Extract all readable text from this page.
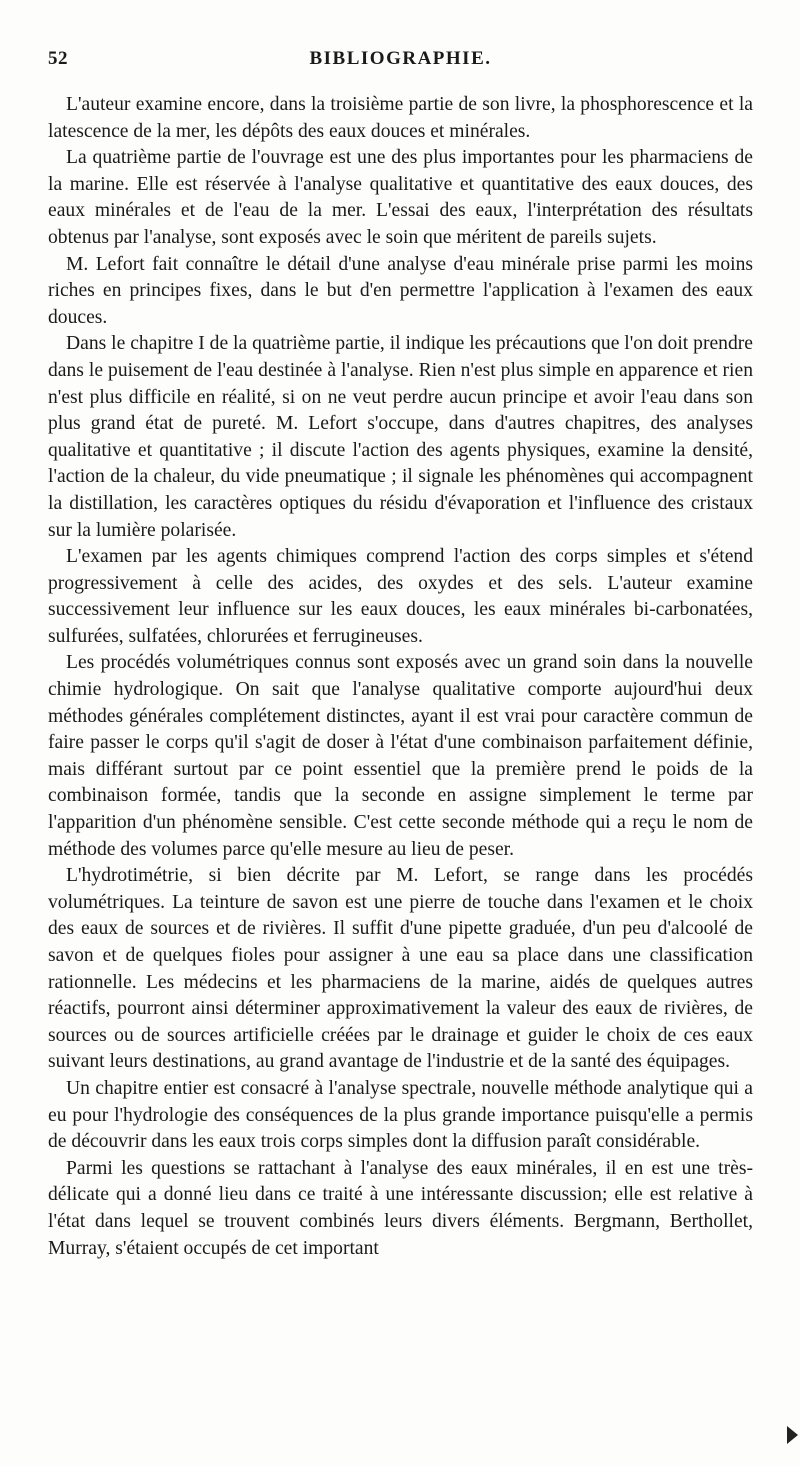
52	BIBLIOGRAPHIE.

L'auteur examine encore, dans la troisième partie de son livre, la phosphorescence et la latescence de la mer, les dépôts des eaux douces et minérales.

La quatrième partie de l'ouvrage est une des plus importantes pour les pharmaciens de la marine. Elle est réservée à l'analyse qualitative et quantitative des eaux douces, des eaux minérales et de l'eau de la mer. L'essai des eaux, l'interprétation des résultats obtenus par l'analyse, sont exposés avec le soin que méritent de pareils sujets.

M. Lefort fait connaître le détail d'une analyse d'eau minérale prise parmi les moins riches en principes fixes, dans le but d'en permettre l'application à l'examen des eaux douces.

Dans le chapitre I de la quatrième partie, il indique les précautions que l'on doit prendre dans le puisement de l'eau destinée à l'analyse. Rien n'est plus simple en apparence et rien n'est plus difficile en réalité, si on ne veut perdre aucun principe et avoir l'eau dans son plus grand état de pureté. M. Lefort s'occupe, dans d'autres chapitres, des analyses qualitative et quantitative ; il discute l'action des agents physiques, examine la densité, l'action de la chaleur, du vide pneumatique ; il signale les phénomènes qui accompagnent la distillation, les caractères optiques du résidu d'évaporation et l'influence des cristaux sur la lumière polarisée.

L'examen par les agents chimiques comprend l'action des corps simples et s'étend progressivement à celle des acides, des oxydes et des sels. L'auteur examine successivement leur influence sur les eaux douces, les eaux minérales bi-carbonatées, sulfurées, sulfatées, chlorurées et ferrugineuses.

Les procédés volumétriques connus sont exposés avec un grand soin dans la nouvelle chimie hydrologique. On sait que l'analyse qualitative comporte aujourd'hui deux méthodes générales complétement distinctes, ayant il est vrai pour caractère commun de faire passer le corps qu'il s'agit de doser à l'état d'une combinaison parfaitement définie, mais différant surtout par ce point essentiel que la première prend le poids de la combinaison formée, tandis que la seconde en assigne simplement le terme par l'apparition d'un phénomène sensible. C'est cette seconde méthode qui a reçu le nom de méthode des volumes parce qu'elle mesure au lieu de peser.

L'hydrotimétrie, si bien décrite par M. Lefort, se range dans les procédés volumétriques. La teinture de savon est une pierre de touche dans l'examen et le choix des eaux de sources et de rivières. Il suffit d'une pipette graduée, d'un peu d'alcoolé de savon et de quelques fioles pour assigner à une eau sa place dans une classification rationnelle. Les médecins et les pharmaciens de la marine, aidés de quelques autres réactifs, pourront ainsi déterminer approximativement la valeur des eaux de rivières, de sources ou de sources artificielle créées par le drainage et guider le choix de ces eaux suivant leurs destinations, au grand avantage de l'industrie et de la santé des équipages.

Un chapitre entier est consacré à l'analyse spectrale, nouvelle méthode analytique qui a eu pour l'hydrologie des conséquences de la plus grande importance puisqu'elle a permis de découvrir dans les eaux trois corps simples dont la diffusion paraît considérable.

Parmi les questions se rattachant à l'analyse des eaux minérales, il en est une très-délicate qui a donné lieu dans ce traité à une intéressante discussion; elle est relative à l'état dans lequel se trouvent combinés leurs divers éléments. Bergmann, Berthollet, Murray, s'étaient occupés de cet important
